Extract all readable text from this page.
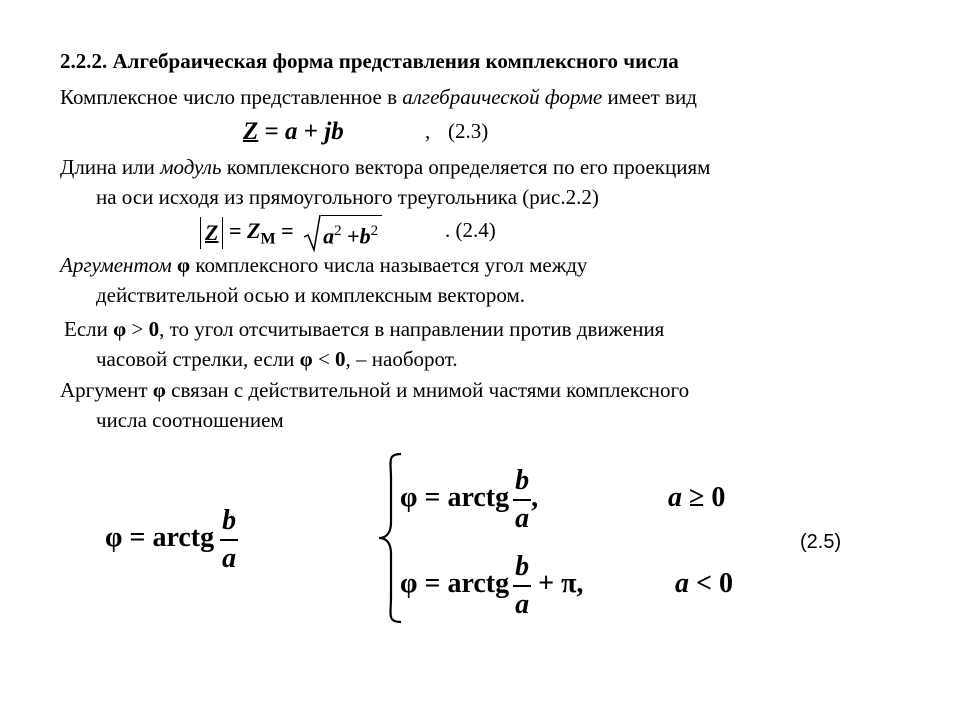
2.2.2. Алгебраическая форма представления комплексного числа
Комплексное число представленное в алгебраической форме имеет вид
Z = a + jb	, (2.3)
Длина или модуль комплексного вектора определяется по его проекциям
на оси исходя из прямоугольного треугольника (рис.2.2)
$Z = Z_M = a^2 +b^2$	. (2.4)
Аргументом φ комплексного числа называется угол между
действительной осью и комплексным вектором.
Если φ > 0, то угол отсчитывается в направлении против движения
часовой стрелки, если φ < 0, – наоборот.
Аргумент φ связан с действительной и мнимой частями комплексного
числа соотношением
φ = arctg $\frac{b}{a}$
φ = arctg $\frac{b}{a}$ ,	a ≥ 0
φ = arctg $\frac{b}{a} + \pi$,	a < 0
(2.5)
